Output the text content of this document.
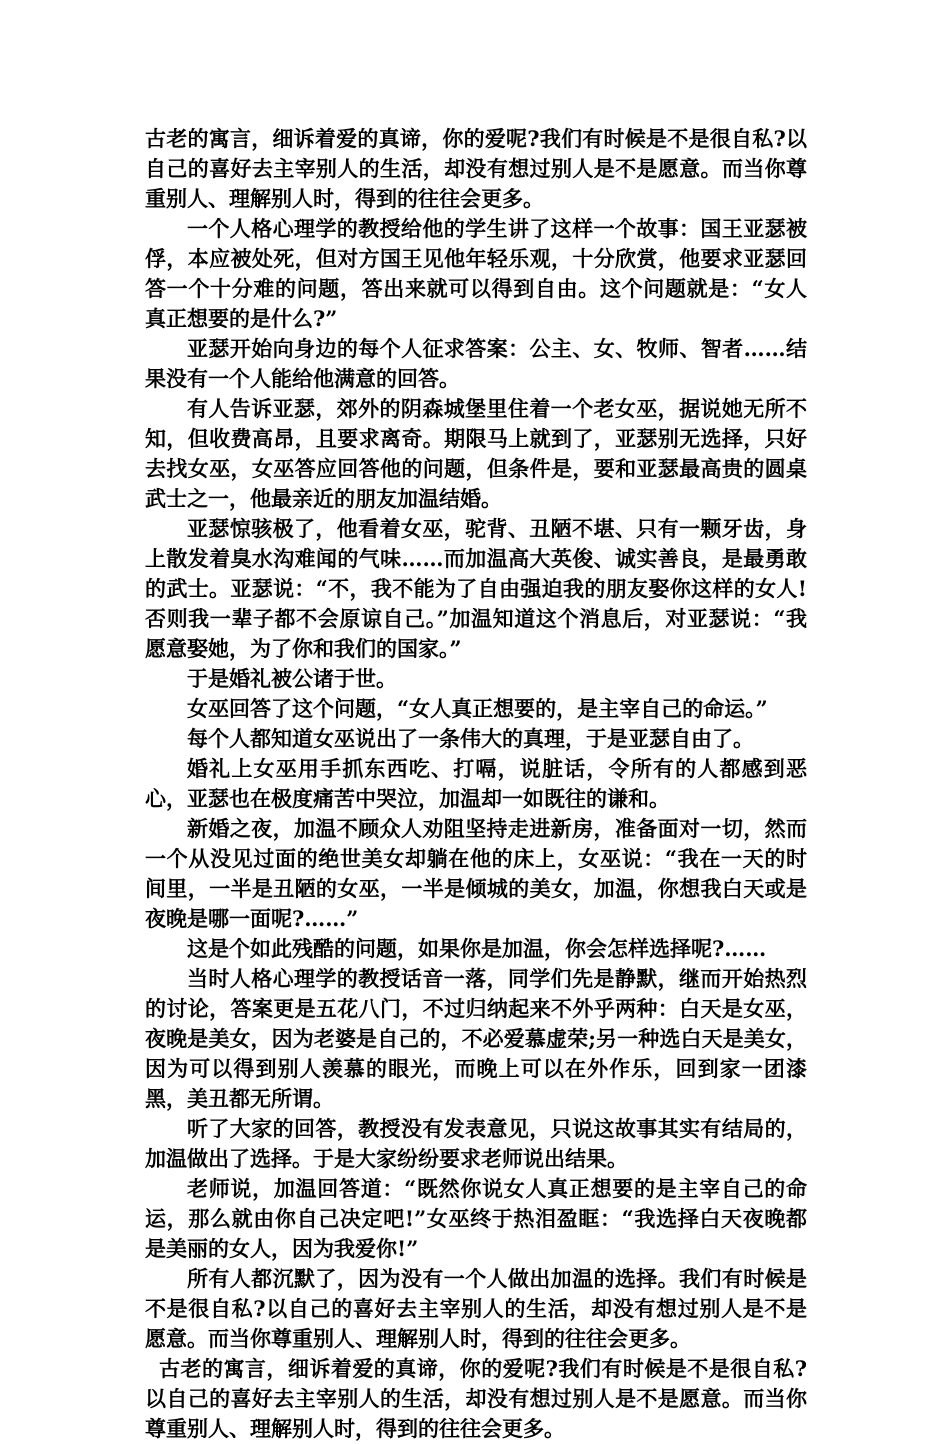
古老的寓言，细诉着爱的真谛，你的爱呢?我们有时候是不是很自私?以 自己的喜好去主宰别人的生活，却没有想过别人是不是愿意。而当你尊重别人、理解别人时，得到的往往会更多。

一个人格心理学的教授给他的学生讲了这样一个故事：国王亚瑟被俘，本应被处死，但对方国王见他年轻乐观，十分欣赏，他要求亚瑟回答一个十分难的问题，答出来就可以得到自由。这个问题就是：“女人真正想要的是什么?”

亚瑟开始向身边的每个人征求答案：公主、女、牧师、智者……结果没有一个人能给他满意的回答。

有人告诉亚瑟，郊外的阴森城堡里住着一个老女巫，据说她无所不知，但收费高昂，且要求离奇。期限马上就到了，亚瑟别无选择，只好去找女巫，女巫答应回答他的问题，但条件是，要和亚瑟最高贵的圆桌武士之一，他最亲近的朋友加温结婚。

亚瑟惊骇极了，他看着女巫，驼背、丑陋不堪、只有一颗牙齿，身上散发着臭水沟难闻的气味……而加温高大英俊、诚实善良，是最勇敢的武士。亚瑟说：“不，我不能为了自由强迫我的朋友娶你这样的女人!否则我一辈子都不会原谅自己。”加温知道这个消息后，对亚瑟说：“我愿意娶她，为了你和我们的国家。”

于是婚礼被公诸于世。

女巫回答了这个问题，“女人真正想要的，是主宰自己的命运。”

每个人都知道女巫说出了一条伟大的真理，于是亚瑟自由了。

婚礼上女巫用手抓东西吃、打嗝，说脏话，令所有的人都感到恶心，亚瑟也在极度痛苦中哭泣，加温却一如既往的谦和。

新婚之夜，加温不顾众人劝阻坚持走进新房，准备面对一切，然而一个从没见过面的绝世美女却躺在他的床上，女巫说：“我在一天的时间里，一半是丑陋的女巫，一半是倾城的美女，加温，你想我白天或是夜晚是哪一面呢?……”

这是个如此残酷的问题，如果你是加温，你会怎样选择呢?……

当时人格心理学的教授话音一落，同学们先是静默，继而开始热烈的讨论，答案更是五花八门，不过归纳起来不外乎两种：白天是女巫，夜晚是美女，因为老婆是自己的，不必爱慕虚荣;另一种选白天是美女，因为可以得到别人羡慕的眼光，而晚上可以在外作乐，回到家一团漆黑，美丑都无所谓。

听了大家的回答，教授没有发表意见，只说这故事其实有结局的，加温做出了选择。于是大家纷纷要求老师说出结果。

老师说，加温回答道：“既然你说女人真正想要的是主宰自己的命运，那么就由你自己决定吧!”女巫终于热泪盈眶：“我选择白天夜晚都是美丽的女人，因为我爱你!”

所有人都沉默了，因为没有一个人做出加温的选择。我们有时候是不是很自私?以自己的喜好去主宰别人的生活，却没有想过别人是不是愿意。而当你尊重别人、理解别人时，得到的往往会更多。

古老的寓言，细诉着爱的真谛，你的爱呢?我们有时候是不是很自私?以自己的喜好去主宰别人的生活，却没有想过别人是不是愿意。而当你尊重别人、理解别人时，得到的往往会更多。
